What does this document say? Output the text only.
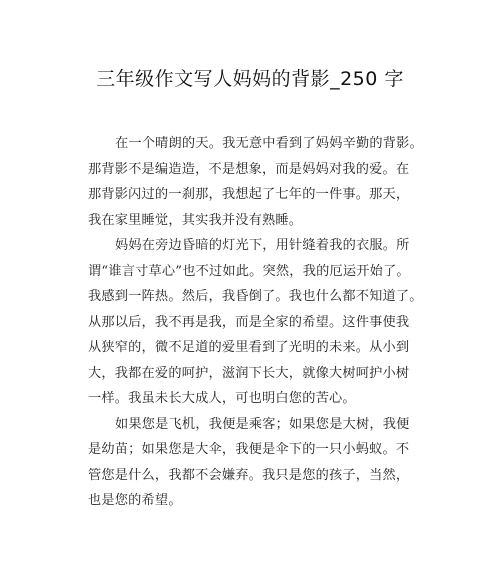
三年级作文写人妈妈的背影_250 字
在一个晴朗的天。我无意中看到了妈妈辛勤的背影。
那背影不是编造造，不是想象，而是妈妈对我的爱。在
那背影闪过的一刹那，我想起了七年的一件事。那天，
我在家里睡觉，其实我并没有熟睡。
妈妈在旁边昏暗的灯光下，用针缝着我的衣服。所
谓“谁言寸草心”也不过如此。突然，我的厄运开始了。
我感到一阵热。然后，我昏倒了。我也什么都不知道了。
从那以后，我不再是我，而是全家的希望。这件事使我
从狭窄的，微不足道的爱里看到了光明的未来。从小到
大，我都在爱的呵护，滋润下长大，就像大树呵护小树
一样。我虽未长大成人，可也明白您的苦心。
如果您是飞机，我便是乘客；如果您是大树，我便
是幼苗；如果您是大伞，我便是伞下的一只小蚂蚁。不
管您是什么，我都不会嫌弃。我只是您的孩子，当然，
也是您的希望。
